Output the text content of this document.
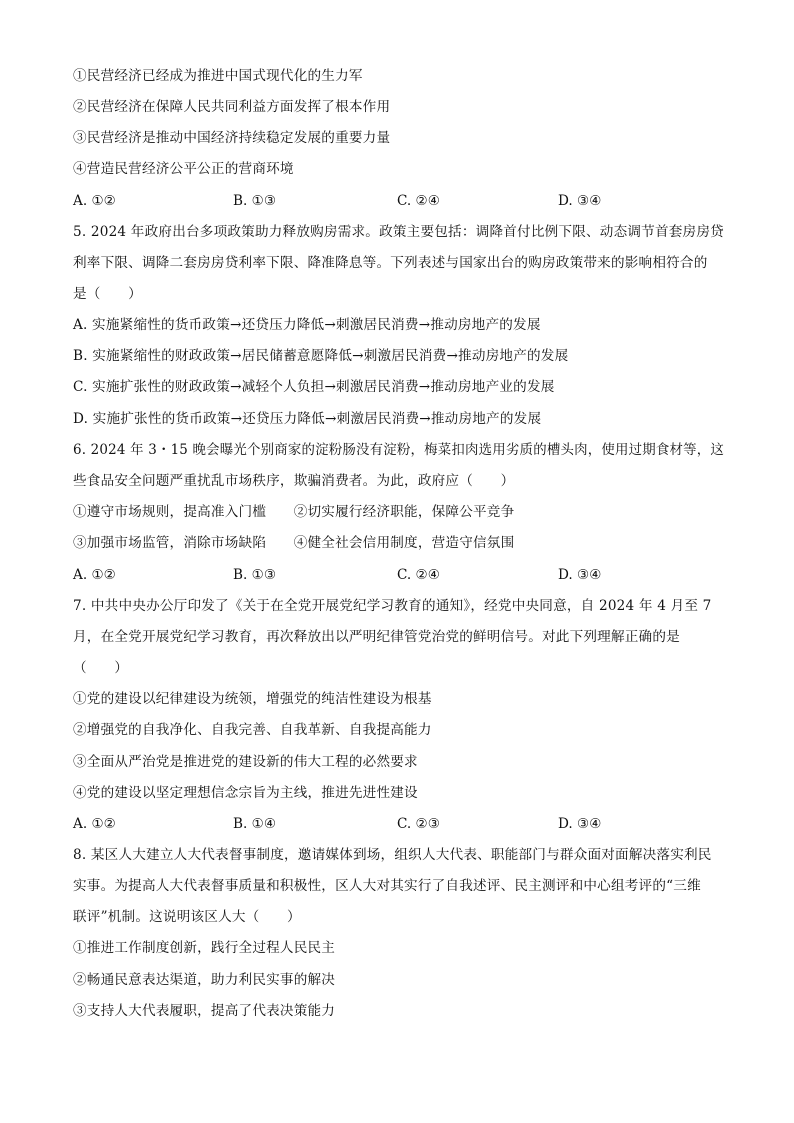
①民营经济已经成为推进中国式现代化的生力军
②民营经济在保障人民共同利益方面发挥了根本作用
③民营经济是推动中国经济持续稳定发展的重要力量
④营造民营经济公平公正的营商环境
A. ①②	B. ①③	C. ②④	D. ③④
5. 2024 年政府出台多项政策助力释放购房需求。政策主要包括：调降首付比例下限、动态调节首套房房贷
利率下限、调降二套房房贷利率下限、降准降息等。下列表述与国家出台的购房政策带来的影响相符合的
是（　　）
A. 实施紧缩性的货币政策→还贷压力降低→刺激居民消费→推动房地产的发展
B. 实施紧缩性的财政政策→居民储蓄意愿降低→刺激居民消费→推动房地产的发展
C. 实施扩张性的财政政策→减轻个人负担→刺激居民消费→推动房地产业的发展
D. 实施扩张性的货币政策→还贷压力降低→刺激居民消费→推动房地产的发展
6. 2024 年 3・15 晚会曝光个别商家的淀粉肠没有淀粉，梅菜扣肉选用劣质的槽头肉，使用过期食材等，这
些食品安全问题严重扰乱市场秩序，欺骗消费者。为此，政府应（　　）
①遵守市场规则，提高准入门槛　　②切实履行经济职能，保障公平竞争
③加强市场监管，消除市场缺陷　　④健全社会信用制度，营造守信氛围
A. ①②	B. ①③	C. ②④	D. ③④
7. 中共中央办公厅印发了《关于在全党开展党纪学习教育的通知》，经党中央同意，自 2024 年 4 月至 7
月，在全党开展党纪学习教育，再次释放出以严明纪律管党治党的鲜明信号。对此下列理解正确的是
（　　）
①党的建设以纪律建设为统领，增强党的纯洁性建设为根基
②增强党的自我净化、自我完善、自我革新、自我提高能力
③全面从严治党是推进党的建设新的伟大工程的必然要求
④党的建设以坚定理想信念宗旨为主线，推进先进性建设
A. ①②	B. ①④	C. ②③	D. ③④
8. 某区人大建立人大代表督事制度，邀请媒体到场，组织人大代表、职能部门与群众面对面解决落实利民
实事。为提高人大代表督事质量和积极性，区人大对其实行了自我述评、民主测评和中心组考评的“三维
联评”机制。这说明该区人大（　　）
①推进工作制度创新，践行全过程人民民主
②畅通民意表达渠道，助力利民实事的解决
③支持人大代表履职，提高了代表决策能力
